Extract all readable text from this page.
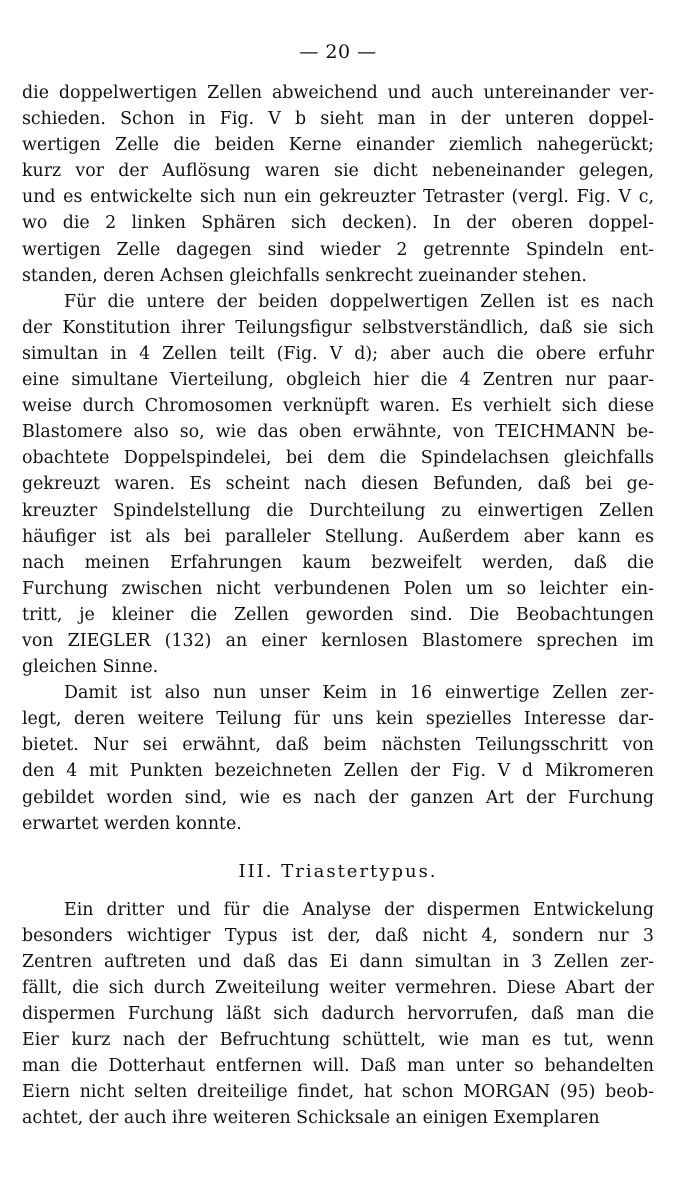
— 20 —
die doppelwertigen Zellen abweichend und auch untereinander ver-
schieden. Schon in Fig. V b sieht man in der unteren doppel-
wertigen Zelle die beiden Kerne einander ziemlich nahegerückt;
kurz vor der Auflösung waren sie dicht nebeneinander gelegen,
und es entwickelte sich nun ein gekreuzter Tetraster (vergl. Fig. V c,
wo die 2 linken Sphären sich decken). In der oberen doppel-
wertigen Zelle dagegen sind wieder 2 getrennte Spindeln ent-
standen, deren Achsen gleichfalls senkrecht zueinander stehen.
Für die untere der beiden doppelwertigen Zellen ist es nach
der Konstitution ihrer Teilungsfigur selbstverständlich, daß sie sich
simultan in 4 Zellen teilt (Fig. V d); aber auch die obere erfuhr
eine simultane Vierteilung, obgleich hier die 4 Zentren nur paar-
weise durch Chromosomen verknüpft waren. Es verhielt sich diese
Blastomere also so, wie das oben erwähnte, von TEICHMANN be-
obachtete Doppelspindelei, bei dem die Spindelachsen gleichfalls
gekreuzt waren. Es scheint nach diesen Befunden, daß bei ge-
kreuzter Spindelstellung die Durchteilung zu einwertigen Zellen
häufiger ist als bei paralleler Stellung. Außerdem aber kann es
nach meinen Erfahrungen kaum bezweifelt werden, daß die
Furchung zwischen nicht verbundenen Polen um so leichter ein-
tritt, je kleiner die Zellen geworden sind. Die Beobachtungen
von ZIEGLER (132) an einer kernlosen Blastomere sprechen im
gleichen Sinne.
Damit ist also nun unser Keim in 16 einwertige Zellen zer-
legt, deren weitere Teilung für uns kein spezielles Interesse dar-
bietet. Nur sei erwähnt, daß beim nächsten Teilungsschritt von
den 4 mit Punkten bezeichneten Zellen der Fig. V d Mikromeren
gebildet worden sind, wie es nach der ganzen Art der Furchung
erwartet werden konnte.
III. Triastertypus.
Ein dritter und für die Analyse der dispermen Entwickelung
besonders wichtiger Typus ist der, daß nicht 4, sondern nur 3
Zentren auftreten und daß das Ei dann simultan in 3 Zellen zer-
fällt, die sich durch Zweiteilung weiter vermehren. Diese Abart der
dispermen Furchung läßt sich dadurch hervorrufen, daß man die
Eier kurz nach der Befruchtung schüttelt, wie man es tut, wenn
man die Dotterhaut entfernen will. Daß man unter so behandelten
Eiern nicht selten dreiteilige findet, hat schon MORGAN (95) beob-
achtet, der auch ihre weiteren Schicksale an einigen Exemplaren
